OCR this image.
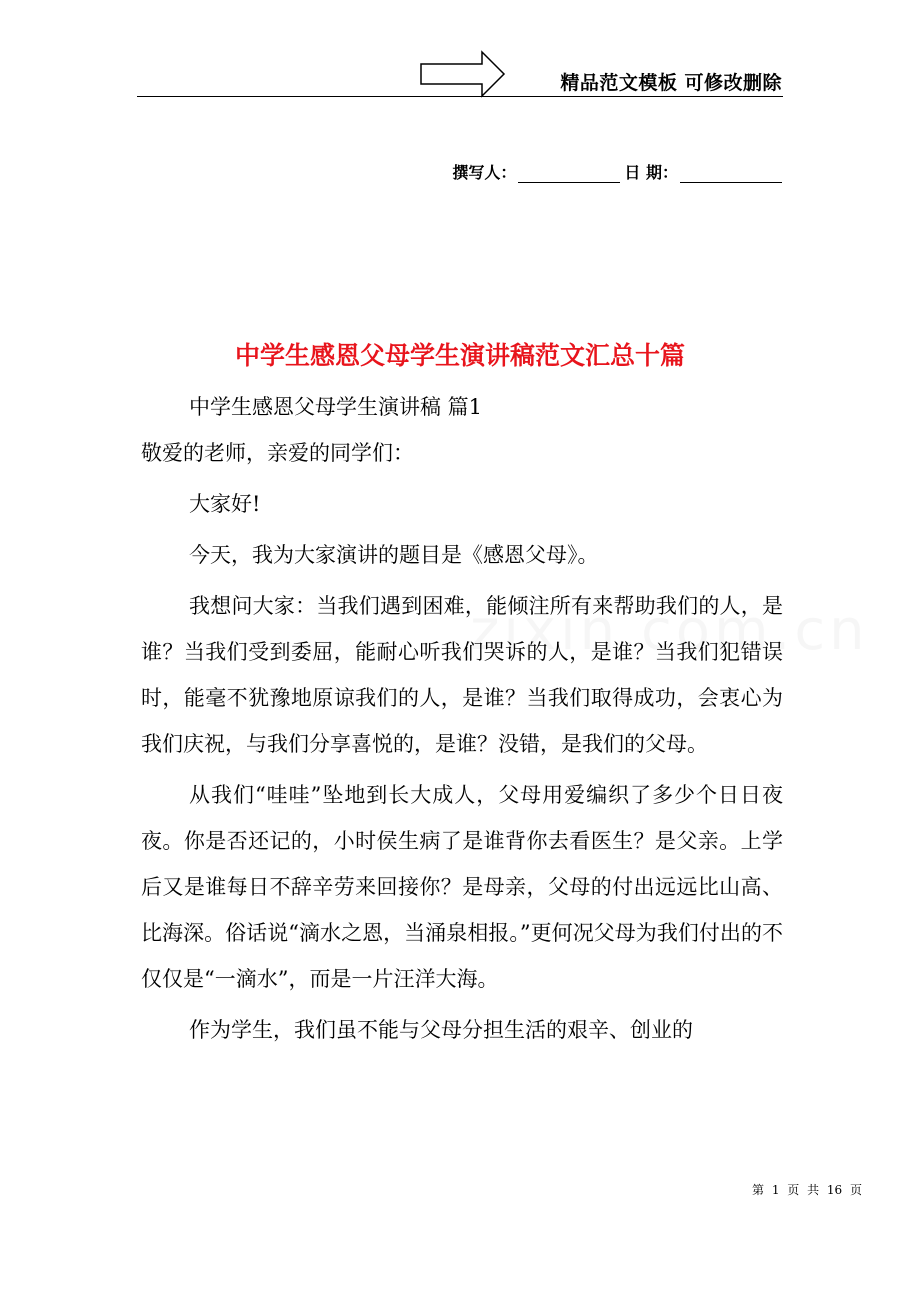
精品范文模板 可修改删除
撰写人：	日 期：
中学生感恩父母学生演讲稿范文汇总十篇

中学生感恩父母学生演讲稿 篇1

敬爱的老师，亲爱的同学们：

大家好!

今天，我为大家演讲的题目是《感恩父母》。

我想问大家：当我们遇到困难，能倾注所有来帮助我们的人，是谁？当我们受到委屈，能耐心听我们哭诉的人，是谁？当我们犯错误时，能毫不犹豫地原谅我们的人，是谁？当我们取得成功，会衷心为我们庆祝，与我们分享喜悦的，是谁？没错，是我们的父母。

从我们“哇哇”坠地到长大成人，父母用爱编织了多少个日日夜夜。你是否还记的，小时侯生病了是谁背你去看医生？是父亲。上学后又是谁每日不辞辛劳来回接你？是母亲，父母的付出远远比山高、比海深。俗话说“滴水之恩，当涌泉相报。”更何况父母为我们付出的不仅仅是“一滴水”，而是一片汪洋大海。

作为学生，我们虽不能与父母分担生活的艰辛、创业的

第 1 页 共 16 页
